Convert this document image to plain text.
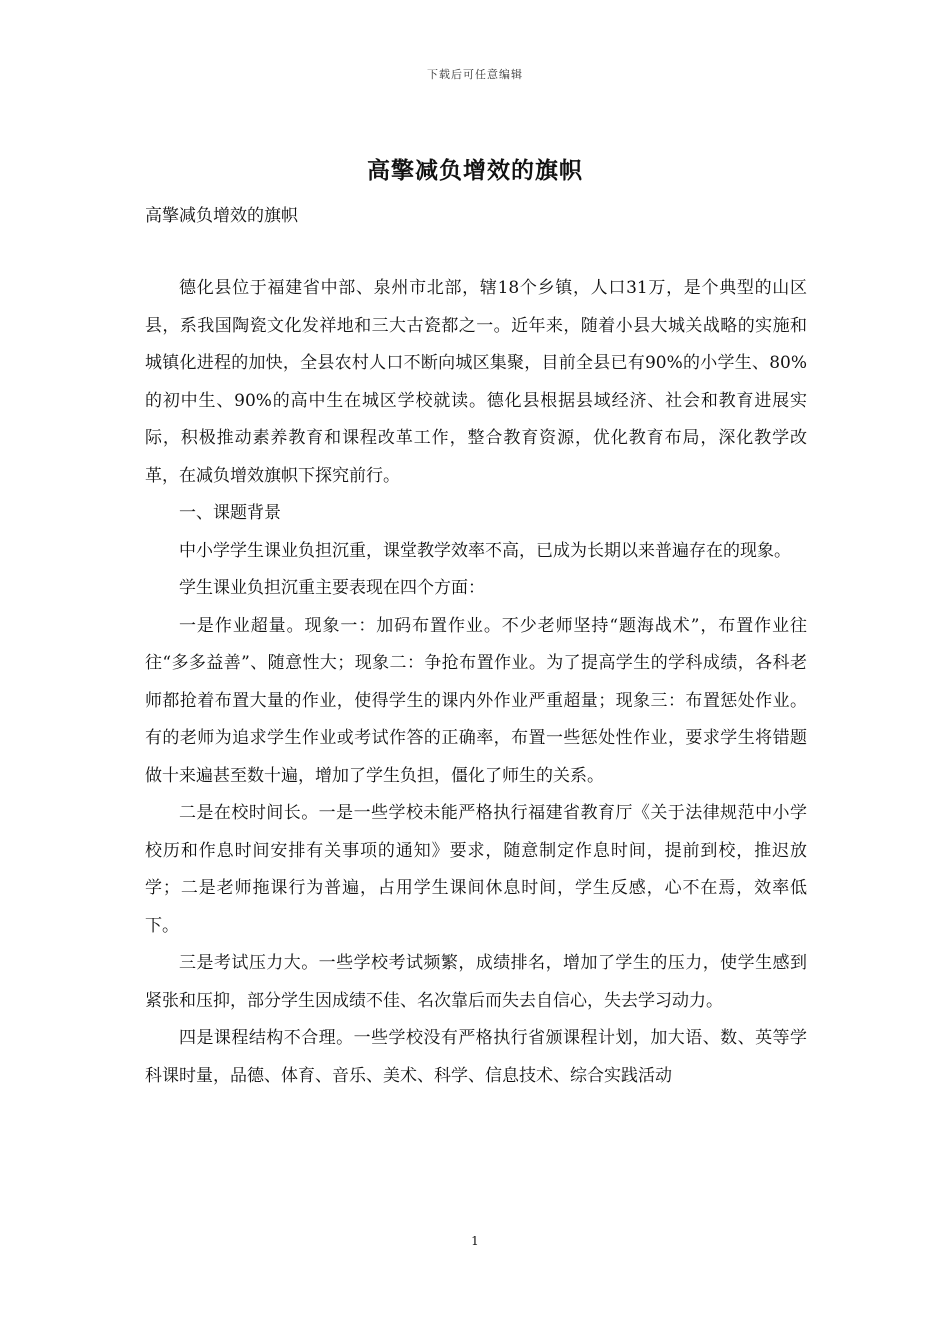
下载后可任意编辑
高擎减负增效的旗帜
高擎减负增效的旗帜

德化县位于福建省中部、泉州市北部，辖18个乡镇，人口31万，是个典型的山区县，系我国陶瓷文化发祥地和三大古瓷都之一。近年来，随着小县大城关战略的实施和城镇化进程的加快，全县农村人口不断向城区集聚，目前全县已有90%的小学生、80%的初中生、90%的高中生在城区学校就读。德化县根据县域经济、社会和教育进展实际，积极推动素养教育和课程改革工作，整合教育资源，优化教育布局，深化教学改革，在减负增效旗帜下探究前行。

一、课题背景

中小学学生课业负担沉重，课堂教学效率不高，已成为长期以来普遍存在的现象。

学生课业负担沉重主要表现在四个方面：

一是作业超量。现象一：加码布置作业。不少老师坚持“题海战术”，布置作业往往“多多益善”、随意性大；现象二：争抢布置作业。为了提高学生的学科成绩，各科老师都抢着布置大量的作业，使得学生的课内外作业严重超量；现象三：布置惩处作业。有的老师为追求学生作业或考试作答的正确率，布置一些惩处性作业，要求学生将错题做十来遍甚至数十遍，增加了学生负担，僵化了师生的关系。

二是在校时间长。一是一些学校未能严格执行福建省教育厅《关于法律规范中小学校历和作息时间安排有关事项的通知》要求，随意制定作息时间，提前到校，推迟放学；二是老师拖课行为普遍，占用学生课间休息时间，学生反感，心不在焉，效率低下。

三是考试压力大。一些学校考试频繁，成绩排名，增加了学生的压力，使学生感到紧张和压抑，部分学生因成绩不佳、名次靠后而失去自信心，失去学习动力。

四是课程结构不合理。一些学校没有严格执行省颁课程计划，加大语、数、英等学科课时量，品德、体育、音乐、美术、科学、信息技术、综合实践活动

1
